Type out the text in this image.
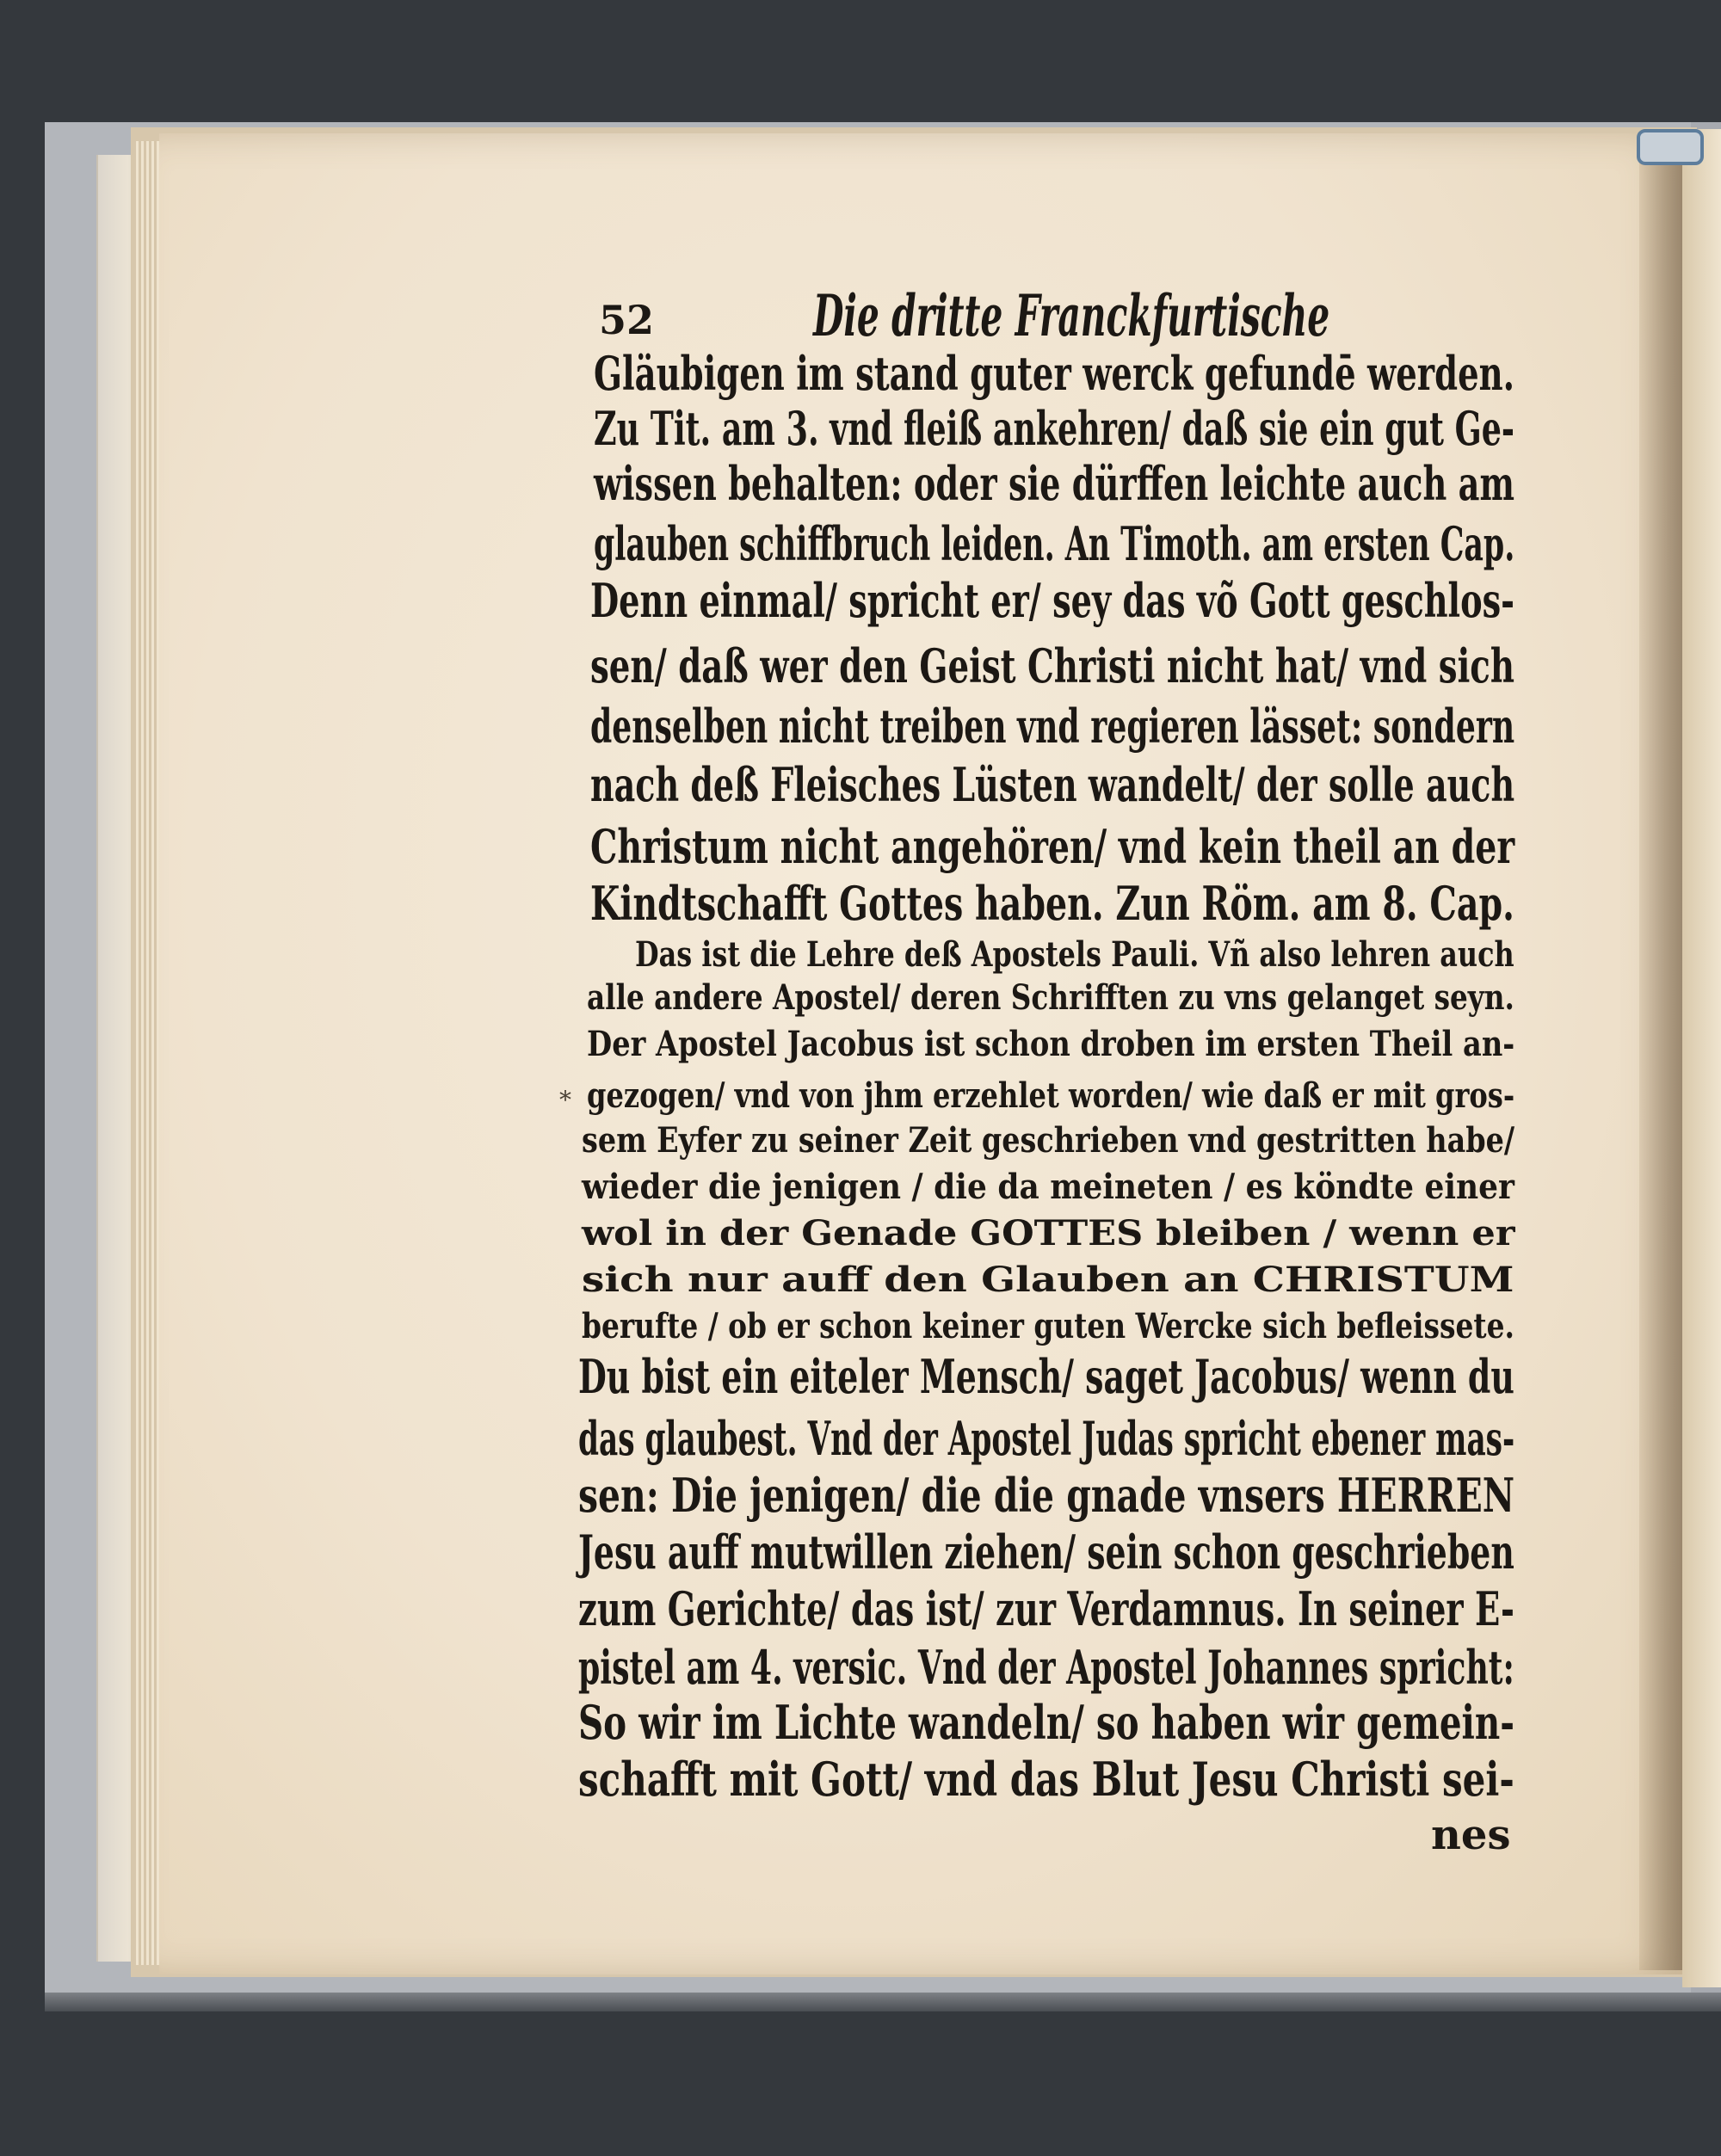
52	Die dritte Franckfurtische

Gläubigen im stand guter werck gefundē werden.

Zu Tit. am 3. vnd fleiß ankehren/ daß sie ein gut Ge-

wissen behalten: oder sie dürffen leichte auch am

glauben schiffbruch leiden. An Timoth. am ersten Cap.

Denn einmal/ spricht er/ sey das võ Gott geschlos-

sen/ daß wer den Geist Christi nicht hat/ vnd sich

denselben nicht treiben vnd regieren lässet: sondern

nach deß Fleisches Lüsten wandelt/ der solle auch

Christum nicht angehören/ vnd kein theil an der

Kindtschafft Gottes haben. Zun Röm. am 8. Cap.

Das ist die Lehre deß Apostels Pauli. Vñ also lehren auch

alle andere Apostel/ deren Schrifften zu vns gelanget seyn.

Der Apostel Jacobus ist schon droben im ersten Theil an-

gezogen/ vnd von jhm erzehlet worden/ wie daß er mit gros-

sem Eyfer zu seiner Zeit geschrieben vnd gestritten habe/

wieder die jenigen / die da meineten / es köndte einer

wol in der Genade GOTTES bleiben / wenn er

sich nur auff den Glauben an CHRISTUM

berufte / ob er schon keiner guten Wercke sich befleissete.

Du bist ein eiteler Mensch/ saget Jacobus/ wenn du

das glaubest. Vnd der Apostel Judas spricht ebener mas-

sen: Die jenigen/ die die gnade vnsers HERREN

Jesu auff mutwillen ziehen/ sein schon geschrieben

zum Gerichte/ das ist/ zur Verdamnus. In seiner E-

pistel am 4. versic. Vnd der Apostel Johannes spricht:

So wir im Lichte wandeln/ so haben wir gemein-

schafft mit Gott/ vnd das Blut Jesu Christi sei-

nes
*
